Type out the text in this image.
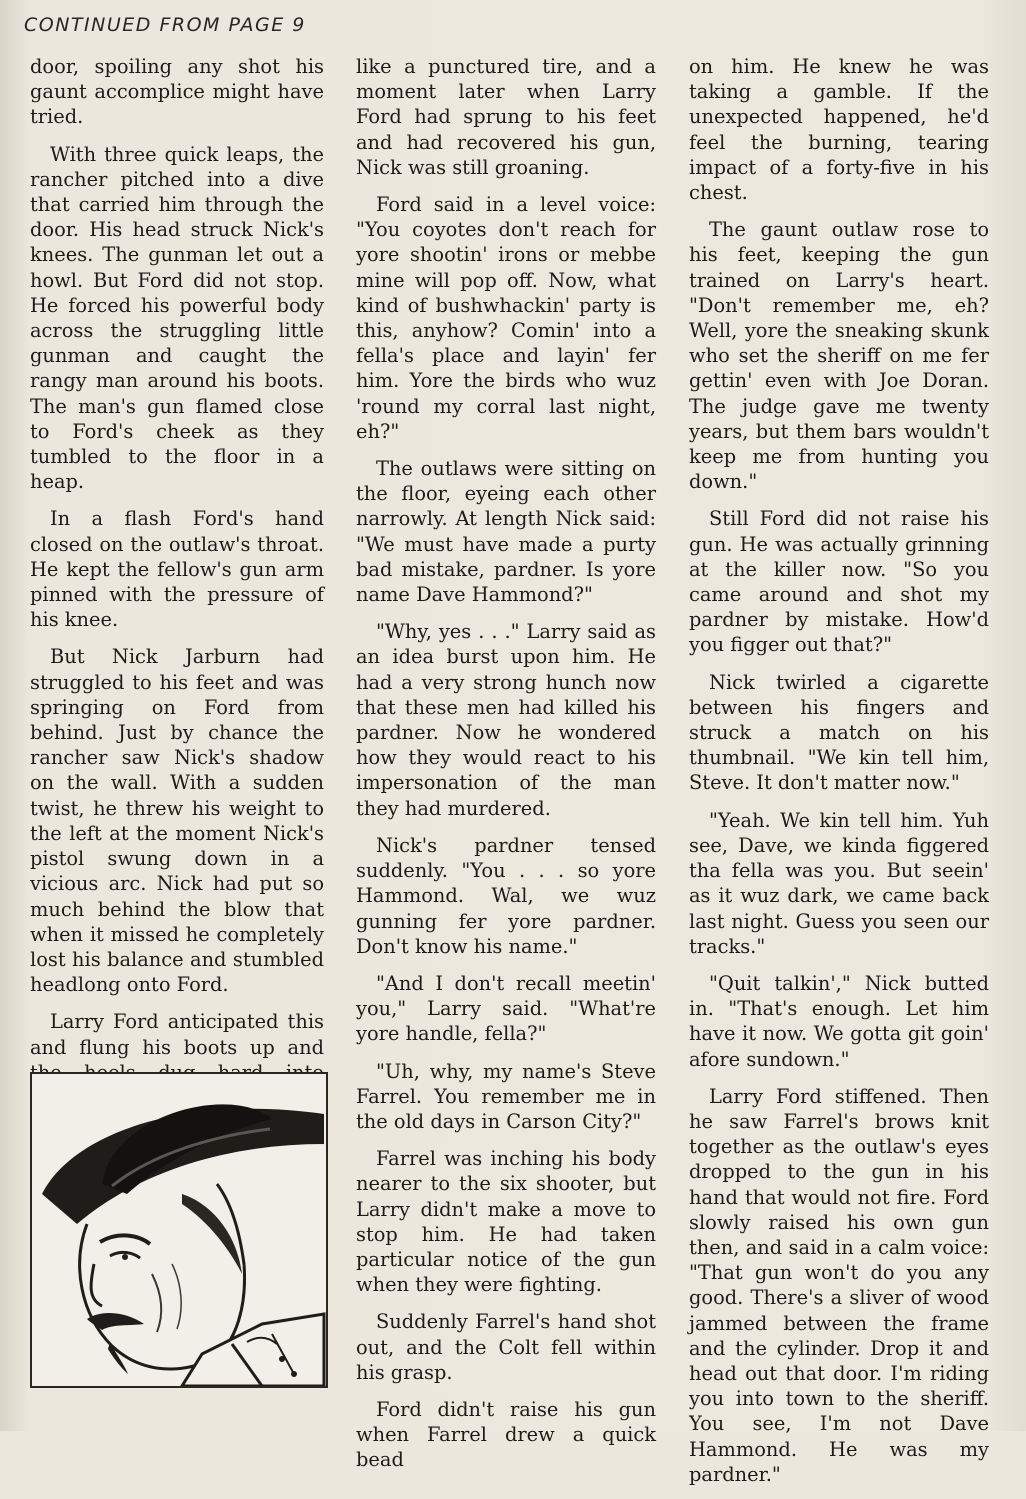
CONTINUED FROM PAGE 9

door, spoiling any shot his gaunt accomplice might have tried.

With three quick leaps, the rancher pitched into a dive that carried him through the door. His head struck Nick's knees. The gunman let out a howl. But Ford did not stop. He forced his powerful body across the struggling little gunman and caught the rangy man around his boots. The man's gun flamed close to Ford's cheek as they tumbled to the floor in a heap.

In a flash Ford's hand closed on the outlaw's throat. He kept the fellow's gun arm pinned with the pressure of his knee.

But Nick Jarburn had struggled to his feet and was springing on Ford from behind. Just by chance the rancher saw Nick's shadow on the wall. With a sudden twist, he threw his weight to the left at the moment Nick's pistol swung down in a vicious arc. Nick had put so much behind the blow that when it missed he completely lost his balance and stumbled headlong onto Ford.

Larry Ford anticipated this and flung his boots up and

like a punctured tire, and a moment later when Larry Ford had sprung to his feet and had recovered his gun, Nick was still groaning.

Ford said in a level voice: "You coyotes don't reach for yore shootin' irons or mebbe mine will pop off. Now, what kind of bushwhackin' party is this, anyhow? Comin' into a fella's place and layin' fer him. Yore the birds who wuz 'round my corral last night, eh?"

The outlaws were sitting on the floor, eyeing each other narrowly. At length Nick said: "We must have made a purty bad mistake, pardner. Is yore name Dave Hammond?"

"Why, yes . . ." Larry said as an idea burst upon him. He had a very strong hunch now that these men had killed his pardner. Now he wondered how they would react to his impersonation of the man they had murdered.

Nick's pardner tensed suddenly. "You . . . so yore Hammond. Wal, we wuz gunning fer yore pardner. Don't know his name."

"And I don't recall meetin' you," Larry said. "What're yore handle, fella?"

"Uh, why, my name's Steve Farrel. You remember me in the old days in Carson City?"

Farrel was inching his body nearer to the six shooter, but Larry didn't make a move to stop him. He had taken particular notice of the gun when they were fighting.

Suddenly Farrel's hand shot out, and the Colt fell within his grasp.

Ford didn't raise his gun when Farrel drew a quick bead

on him. He knew he was taking a gamble. If the unexpected happened, he'd feel the burning, tearing impact of a forty-five in his chest.

The gaunt outlaw rose to his feet, keeping the gun trained on Larry's heart. "Don't remember me, eh? Well, yore the sneaking skunk who set the sheriff on me fer gettin' even with Joe Doran. The judge gave me twenty years, but them bars wouldn't keep me from hunting you down."

Still Ford did not raise his gun. He was actually grinning at the killer now. "So you came around and shot my pardner by mistake. How'd you figger out that?"

Nick twirled a cigarette between his fingers and struck a match on his thumbnail. "We kin tell him, Steve. It don't matter now."

"Yeah. We kin tell him. Yuh see, Dave, we kinda figgered tha fella was you. But seein' as it wuz dark, we came back last night. Guess you seen our tracks."

"Quit talkin'," Nick butted in. "That's enough. Let him have it now. We gotta git goin' afore sundown."

Larry Ford stiffened. Then he saw Farrel's brows knit together as the outlaw's eyes dropped to the gun in his hand that would not fire. Ford slowly raised his own gun then, and said in a calm voice: "That gun won't do you any good. There's a sliver of wood jammed between the frame and the cylinder. Drop it and head out that door. I'm riding you into town to the sheriff. You see, I'm not Dave Hammond. He was my pardner."
